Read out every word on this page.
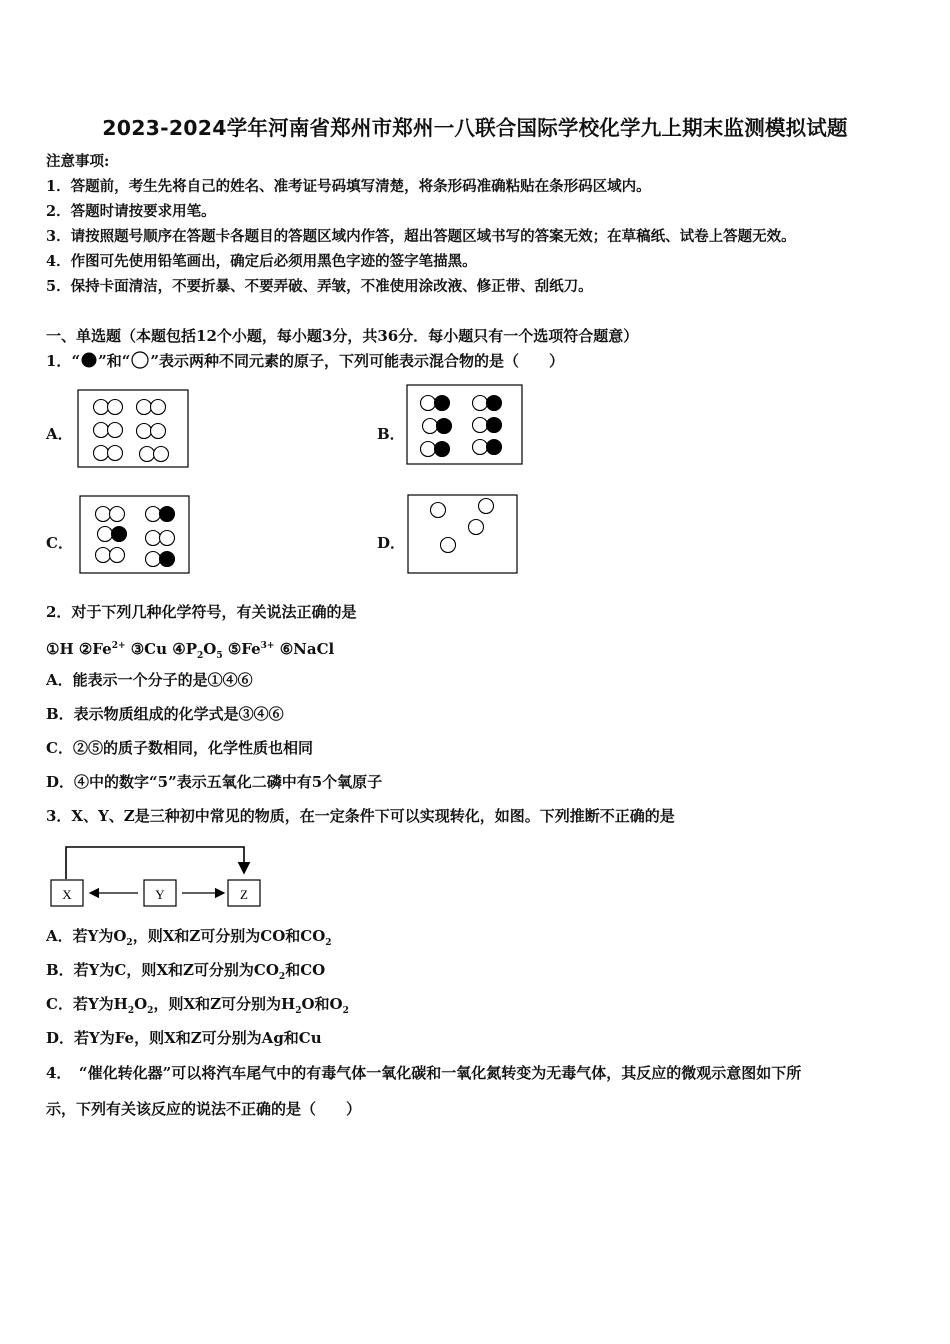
2023-2024学年河南省郑州市郑州一八联合国际学校化学九上期末监测模拟试题
注意事项:
1．答题前，考生先将自己的姓名、准考证号码填写清楚，将条形码准确粘贴在条形码区域内。
2．答题时请按要求用笔。
3．请按照题号顺序在答题卡各题目的答题区域内作答，超出答题区域书写的答案无效；在草稿纸、试卷上答题无效。
4．作图可先使用铅笔画出，确定后必须用黑色字迹的签字笔描黑。
5．保持卡面清洁，不要折暴、不要弄破、弄皱，不准使用涂改液、修正带、刮纸刀。
一、单选题（本题包括12个小题，每小题3分，共36分．每小题只有一个选项符合题意）
1．“ ”和“ ”表示两种不同元素的原子，下列可能表示混合物的是（　　）
A．	B．
C．	D．
2．对于下列几种化学符号，有关说法正确的是
①H $②Fe^{2+}$ ③Cu $④P_2O_5$ $⑤Fe^{3+}$ ⑥NaCl
A．能表示一个分子的是①④⑥
B．表示物质组成的化学式是③④⑥
C．②⑤的质子数相同，化学性质也相同
D．④中的数字“5”表示五氧化二磷中有5个氧原子
3．X、Y、Z是三种初中常见的物质，在一定条件下可以实现转化，如图。下列推断不正确的是
X	Y	Z
A．若Y为$O_2$，则X和Z可分别为CO和$CO_2$
B．若Y为C，则X和Z可分别为$CO_2$和CO
C．若Y为$H_2O_2$，则X和Z可分别为$H_2O$和$O_2$
D．若Y为Fe，则X和Z可分别为Ag和Cu
4．　“催化转化器”可以将汽车尾气中的有毒气体一氧化碳和一氧化氮转变为无毒气体，其反应的微观示意图如下所
示，下列有关该反应的说法不正确的是（　　）
